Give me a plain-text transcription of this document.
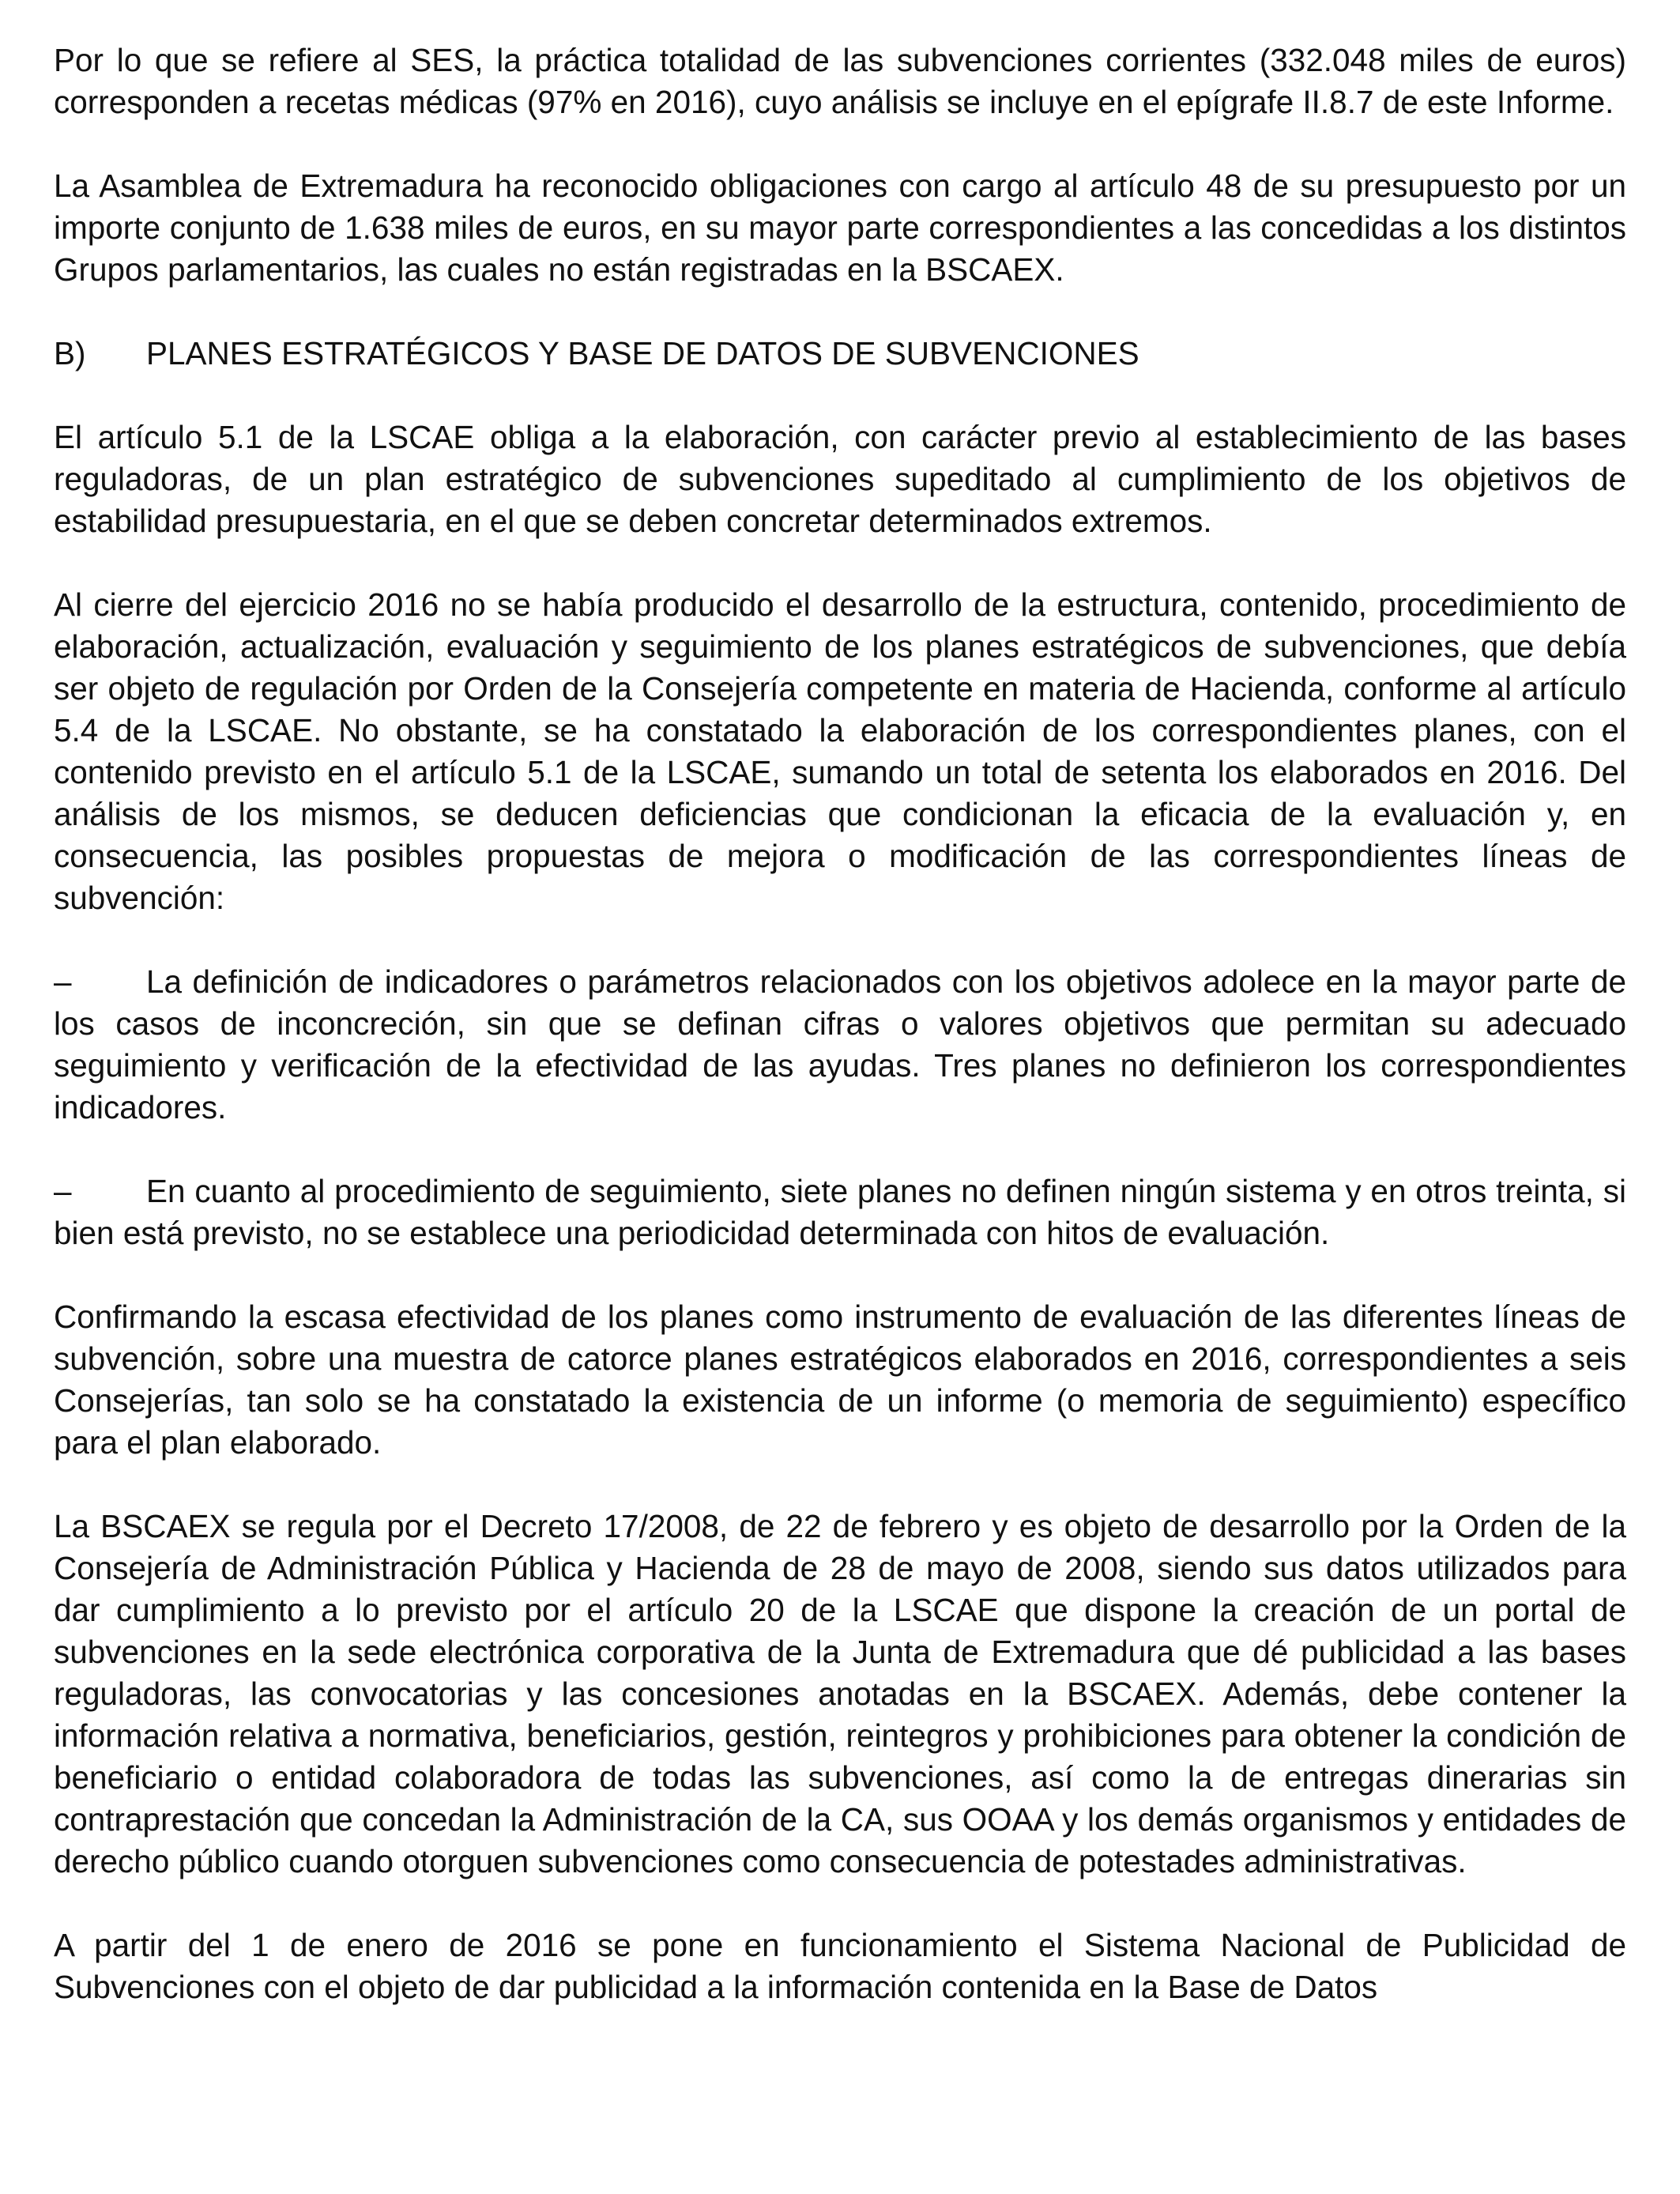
Por lo que se refiere al SES, la práctica totalidad de las subvenciones corrientes (332.048 miles de euros) corresponden a recetas médicas (97% en 2016), cuyo análisis se incluye en el epígrafe II.8.7 de este Informe.

La Asamblea de Extremadura ha reconocido obligaciones con cargo al artículo 48 de su presupuesto por un importe conjunto de 1.638 miles de euros, en su mayor parte correspondientes a las concedidas a los distintos Grupos parlamentarios, las cuales no están registradas en la BSCAEX.

B)	PLANES ESTRATÉGICOS Y BASE DE DATOS DE SUBVENCIONES

El artículo 5.1 de la LSCAE obliga a la elaboración, con carácter previo al establecimiento de las bases reguladoras, de un plan estratégico de subvenciones supeditado al cumplimiento de los objetivos de estabilidad presupuestaria, en el que se deben concretar determinados extremos.

Al cierre del ejercicio 2016 no se había producido el desarrollo de la estructura, contenido, procedimiento de elaboración, actualización, evaluación y seguimiento de los planes estratégicos de subvenciones, que debía ser objeto de regulación por Orden de la Consejería competente en materia de Hacienda, conforme al artículo 5.4 de la LSCAE. No obstante, se ha constatado la elaboración de los correspondientes planes, con el contenido previsto en el artículo 5.1 de la LSCAE, sumando un total de setenta los elaborados en 2016. Del análisis de los mismos, se deducen deficiencias que condicionan la eficacia de la evaluación y, en consecuencia, las posibles propuestas de mejora o modificación de las correspondientes líneas de subvención:

– La definición de indicadores o parámetros relacionados con los objetivos adolece en la mayor parte de los casos de inconcreción, sin que se definan cifras o valores objetivos que permitan su adecuado seguimiento y verificación de la efectividad de las ayudas. Tres planes no definieron los correspondientes indicadores.

– En cuanto al procedimiento de seguimiento, siete planes no definen ningún sistema y en otros treinta, si bien está previsto, no se establece una periodicidad determinada con hitos de evaluación.

Confirmando la escasa efectividad de los planes como instrumento de evaluación de las diferentes líneas de subvención, sobre una muestra de catorce planes estratégicos elaborados en 2016, correspondientes a seis Consejerías, tan solo se ha constatado la existencia de un informe (o memoria de seguimiento) específico para el plan elaborado.

La BSCAEX se regula por el Decreto 17/2008, de 22 de febrero y es objeto de desarrollo por la Orden de la Consejería de Administración Pública y Hacienda de 28 de mayo de 2008, siendo sus datos utilizados para dar cumplimiento a lo previsto por el artículo 20 de la LSCAE que dispone la creación de un portal de subvenciones en la sede electrónica corporativa de la Junta de Extremadura que dé publicidad a las bases reguladoras, las convocatorias y las concesiones anotadas en la BSCAEX. Además, debe contener la información relativa a normativa, beneficiarios, gestión, reintegros y prohibiciones para obtener la condición de beneficiario o entidad colaboradora de todas las subvenciones, así como la de entregas dinerarias sin contraprestación que concedan la Administración de la CA, sus OOAA y los demás organismos y entidades de derecho público cuando otorguen subvenciones como consecuencia de potestades administrativas.

A partir del 1 de enero de 2016 se pone en funcionamiento el Sistema Nacional de Publicidad de Subvenciones con el objeto de dar publicidad a la información contenida en la Base de Datos
